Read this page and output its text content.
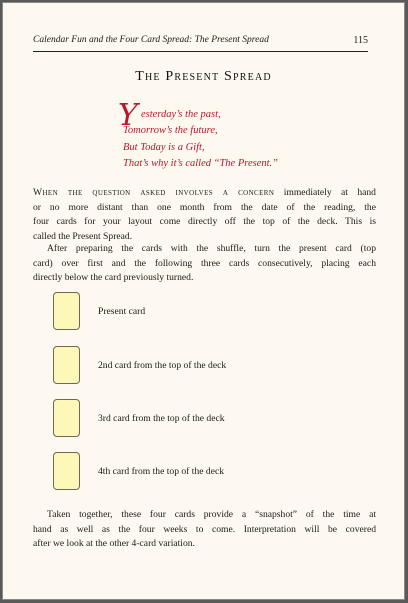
Calendar Fun and the Four Card Spread: The Present Spread	115
The Present Spread
Y esterday’s the past,
Tomorrow’s the future,
But Today is a Gift,
That’s why it’s called “The Present.”
When the question asked involves a concern immediately at hand
or no more distant than one month from the date of the reading, the
four cards for your layout come directly off the top of the deck. This is
called the Present Spread.
After preparing the cards with the shuffle, turn the present card (top
card) over first and the following three cards consecutively, placing each
directly below the card previously turned.
Present card
2nd card from the top of the deck
3rd card from the top of the deck
4th card from the top of the deck
Taken together, these four cards provide a “snapshot” of the time at
hand as well as the four weeks to come. Interpretation will be covered
after we look at the other 4-card variation.
